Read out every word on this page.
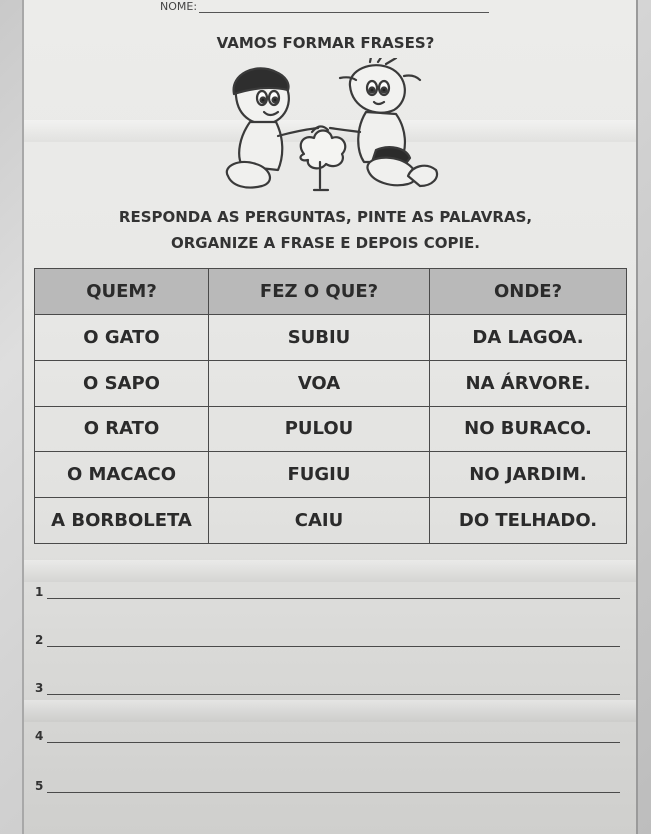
NOME:
VAMOS FORMAR FRASES?
RESPONDA AS PERGUNTAS, PINTE AS PALAVRAS,
ORGANIZE A FRASE E DEPOIS COPIE.
QUEM?	FEZ O QUE?	ONDE?
O GATO	SUBIU	DA LAGOA.
O SAPO	VOA	NA ÁRVORE.
O RATO	PULOU	NO BURACO.
O MACACO	FUGIU	NO JARDIM.
A BORBOLETA	CAIU	DO TELHADO.
1
2
3
4
5
